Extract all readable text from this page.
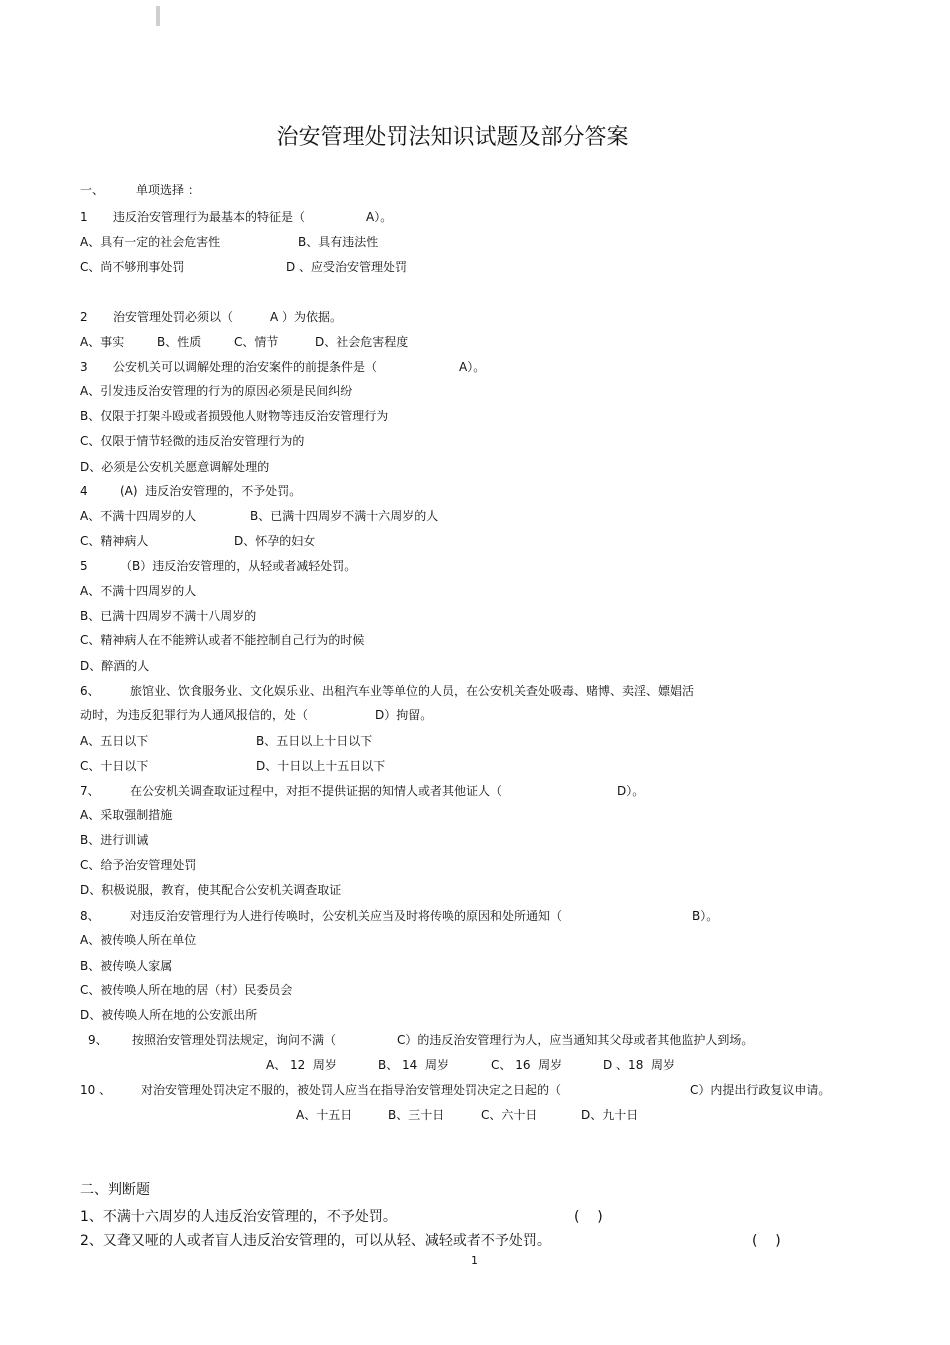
治安管理处罚法知识试题及部分答案
一、	单项选择 ：
1 违反治安管理行为最基本的特征是（	A）。
A、具有一定的社会危害性	B、具有违法性
C、尚不够刑事处罚	D 、应受治安管理处罚
2 治安管理处罚必须以（	A ）为依据。
A、事实	B、性质	C、情节	D、社会危害程度
3 公安机关可以调解处理的治安案件的前提条件是（	A）。
A、引发违反治安管理的行为的原因必须是民间纠纷
B、仅限于打架斗殴或者损毁他人财物等违反治安管理行为
C、仅限于情节轻微的违反治安管理行为的
D、必须是公安机关愿意调解处理的
4	(A)  违反治安管理的，不予处罚。
A、不满十四周岁的人	B、已满十四周岁不满十六周岁的人
C、精神病人	D、怀孕的妇女
5	（B）违反治安管理的，从轻或者减轻处罚。
A、不满十四周岁的人
B、已满十四周岁不满十八周岁的
C、精神病人在不能辨认或者不能控制自己行为的时候
D、醉酒的人
6、	旅馆业、饮食服务业、文化娱乐业、出租汽车业等单位的人员，在公安机关查处吸毒、赌博、卖淫、嫖娼活
动时，为违反犯罪行为人通风报信的，处（	D）拘留。
A、五日以下	B、五日以上十日以下
C、十日以下	D、十日以上十五日以下
7、	在公安机关调查取证过程中，对拒不提供证据的知情人或者其他证人（	D）。
A、采取强制措施
B、进行训诫
C、给予治安管理处罚
D、积极说服，教育，使其配合公安机关调查取证
8、	对违反治安管理行为人进行传唤时，公安机关应当及时将传唤的原因和处所通知（	B）。
A、被传唤人所在单位
B、被传唤人家属
C、被传唤人所在地的居（村）民委员会
D、被传唤人所在地的公安派出所
9、 按照治安管理处罚法规定，询问不满（	C）的违反治安管理行为人，应当通知其父母或者其他监护人到场。
A、 12  周岁	B、 14  周岁	C、 16  周岁	D 、18  周岁
10 、 对治安管理处罚决定不服的，被处罚人应当在指导治安管理处罚决定之日起的（	C）内提出行政复议申请。
A、十五日	B、三十日	C、六十日	D、九十日
二、判断题
1、不满十六周岁的人违反治安管理的，不予处罚。	(    )
2、又聋又哑的人或者盲人违反治安管理的，可以从轻、减轻或者不予处罚。	(    )
1
